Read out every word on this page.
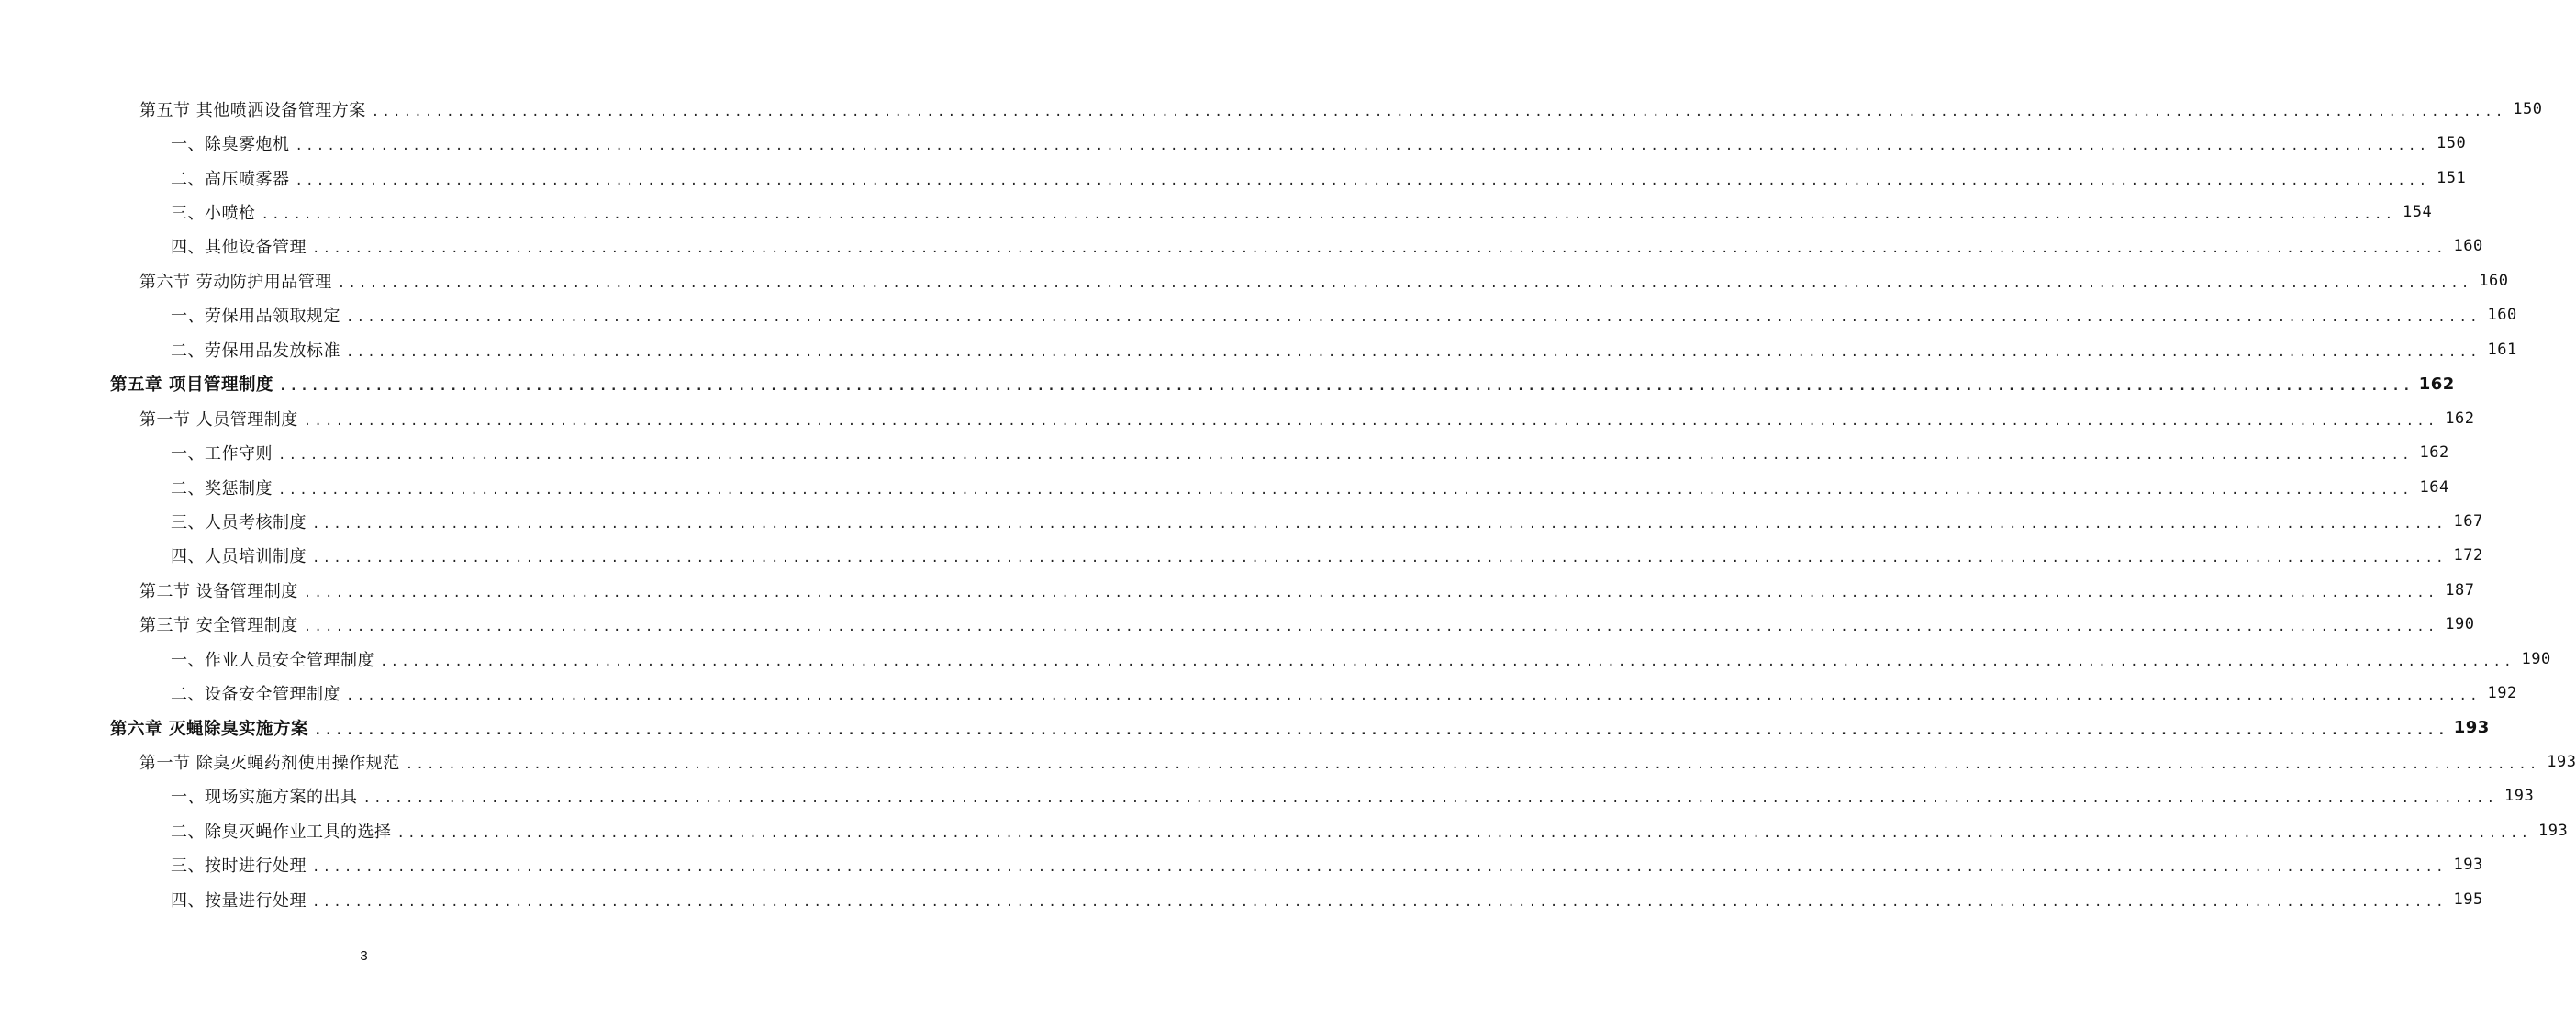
第五节 其他喷洒设备管理方案 ........................................................................................................................................................................................................ 150
一、除臭雾炮机 ........................................................................................................................................................................................................ 150
二、高压喷雾器 ........................................................................................................................................................................................................ 151
三、小喷枪 ........................................................................................................................................................................................................ 154
四、其他设备管理 ........................................................................................................................................................................................................ 160
第六节 劳动防护用品管理 ........................................................................................................................................................................................................ 160
一、劳保用品领取规定 ........................................................................................................................................................................................................ 160
二、劳保用品发放标准 ........................................................................................................................................................................................................ 161
第五章 项目管理制度 ........................................................................................................................................................................................................ 162
第一节 人员管理制度 ........................................................................................................................................................................................................ 162
一、工作守则 ........................................................................................................................................................................................................ 162
二、奖惩制度 ........................................................................................................................................................................................................ 164
三、人员考核制度 ........................................................................................................................................................................................................ 167
四、人员培训制度 ........................................................................................................................................................................................................ 172
第二节 设备管理制度 ........................................................................................................................................................................................................ 187
第三节 安全管理制度 ........................................................................................................................................................................................................ 190
一、作业人员安全管理制度 ........................................................................................................................................................................................................ 190
二、设备安全管理制度 ........................................................................................................................................................................................................ 192
第六章 灭蝇除臭实施方案 ........................................................................................................................................................................................................ 193
第一节 除臭灭蝇药剂使用操作规范 ........................................................................................................................................................................................................ 193
一、现场实施方案的出具 ........................................................................................................................................................................................................ 193
二、除臭灭蝇作业工具的选择 ........................................................................................................................................................................................................ 193
三、按时进行处理 ........................................................................................................................................................................................................ 193
四、按量进行处理 ........................................................................................................................................................................................................ 195
3
